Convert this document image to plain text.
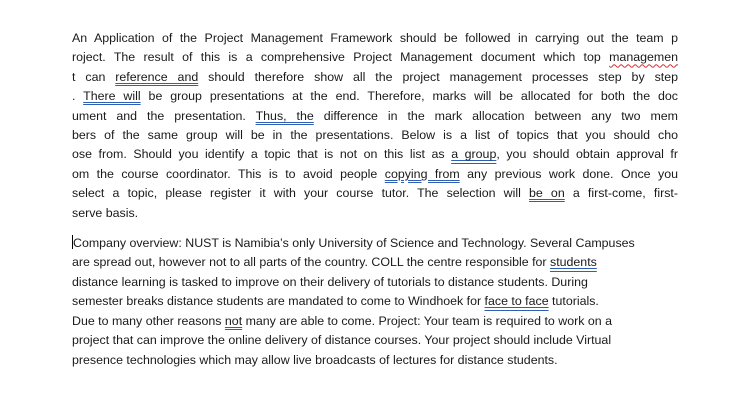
An Application of the Project Management Framework should be followed in carrying out the team p
roject. The result of this is a comprehensive Project Management document which top managemen
t can reference and should therefore show all the project management processes step by step
. There will be group presentations at the end. Therefore, marks will be allocated for both the doc
ument and the presentation. Thus, the difference in the mark allocation between any two mem
bers of the same group will be in the presentations. Below is a list of topics that you should cho
ose from. Should you identify a topic that is not on this list as a group, you should obtain approval fr
om the course coordinator. This is to avoid people copying from any previous work done. Once you
select a topic, please register it with your course tutor. The selection will be on a first-come, first-
serve basis.

Company overview: NUST is Namibia’s only University of Science and Technology. Several Campuses
are spread out, however not to all parts of the country. COLL the centre responsible for students
distance learning is tasked to improve on their delivery of tutorials to distance students. During
semester breaks distance students are mandated to come to Windhoek for face to face tutorials.
Due to many other reasons not many are able to come. Project: Your team is required to work on a
project that can improve the online delivery of distance courses. Your project should include Virtual
presence technologies which may allow live broadcasts of lectures for distance students.
